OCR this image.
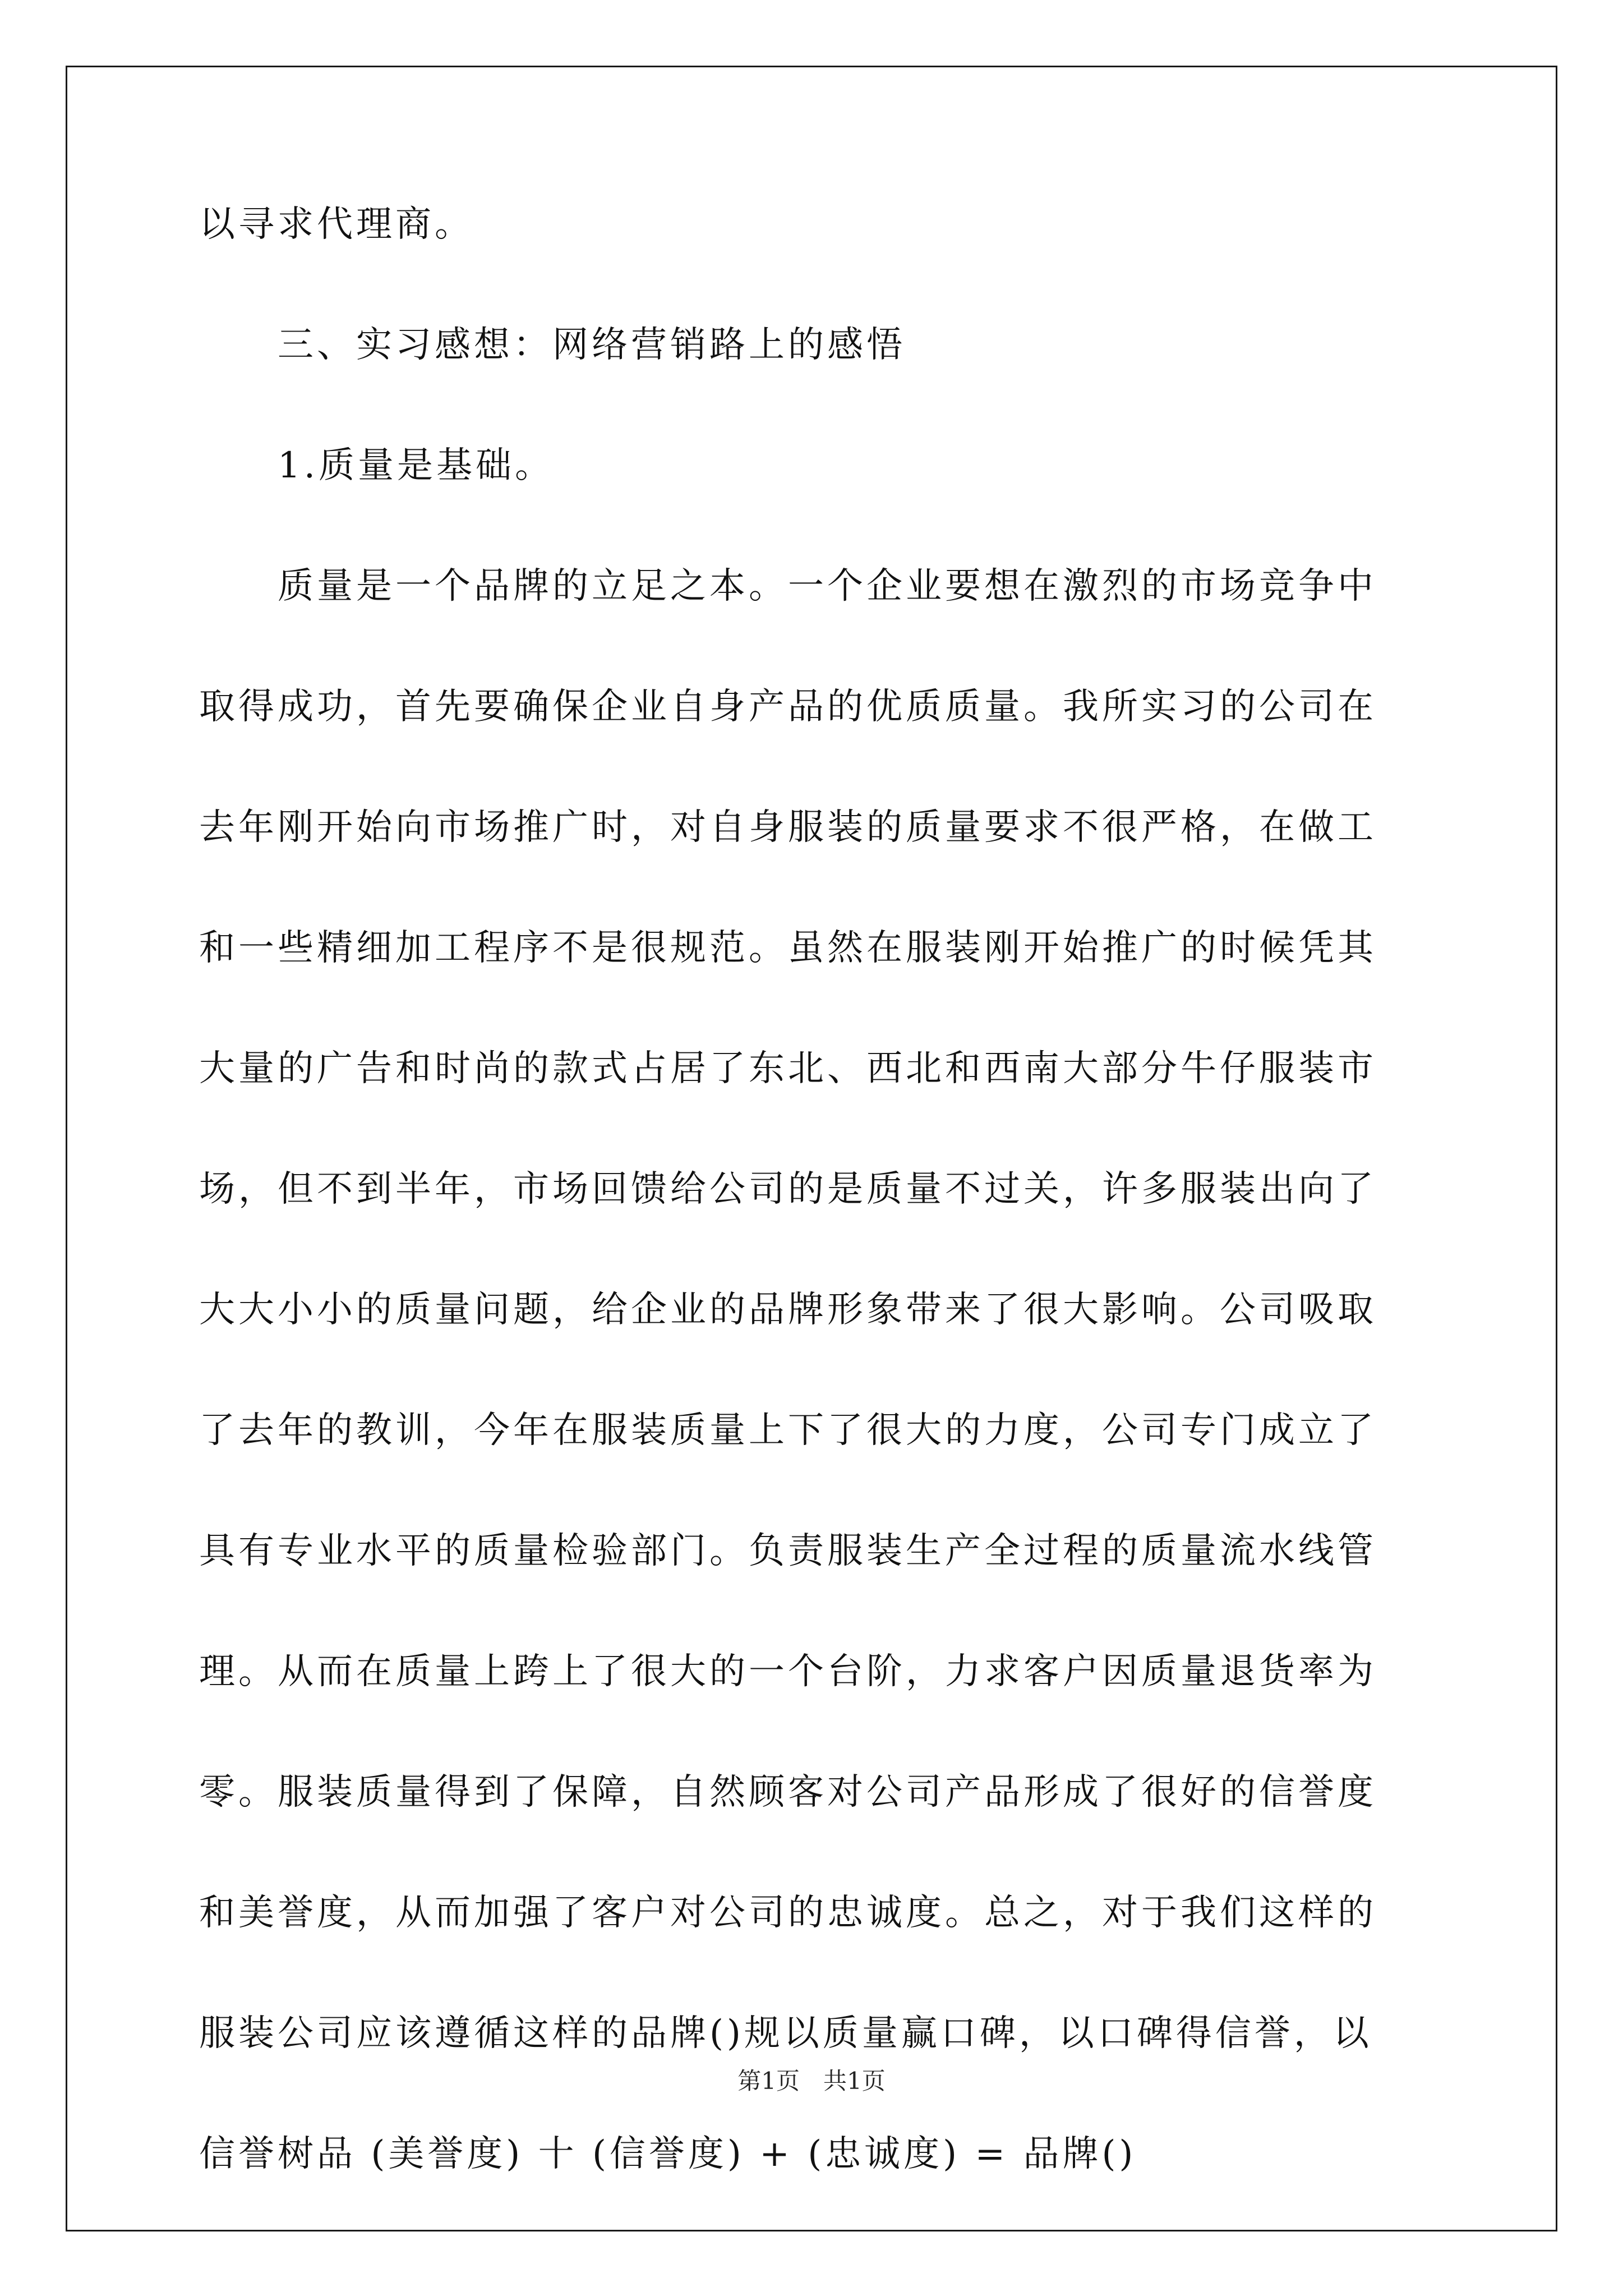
以寻求代理商。
三、实习感想：网络营销路上的感悟
1.质量是基础。
质量是一个品牌的立足之本。一个企业要想在激烈的市场竞争中
取得成功，首先要确保企业自身产品的优质质量。我所实习的公司在
去年刚开始向市场推广时，对自身服装的质量要求不很严格，在做工
和一些精细加工程序不是很规范。虽然在服装刚开始推广的时候凭其
大量的广告和时尚的款式占居了东北、西北和西南大部分牛仔服装市
场，但不到半年，市场回馈给公司的是质量不过关，许多服装出向了
大大小小的质量问题，给企业的品牌形象带来了很大影响。公司吸取
了去年的教训，今年在服装质量上下了很大的力度，公司专门成立了
具有专业水平的质量检验部门。负责服装生产全过程的质量流水线管
理。从而在质量上跨上了很大的一个台阶，力求客户因质量退货率为
零。服装质量得到了保障，自然顾客对公司产品形成了很好的信誉度
和美誉度，从而加强了客户对公司的忠诚度。总之，对于我们这样的
服装公司应该遵循这样的品牌()规以质量赢口碑，以口碑得信誉，以
信誉树品 (美誉度) 十 (信誉度) + (忠诚度) = 品牌()
第1页　共1页
